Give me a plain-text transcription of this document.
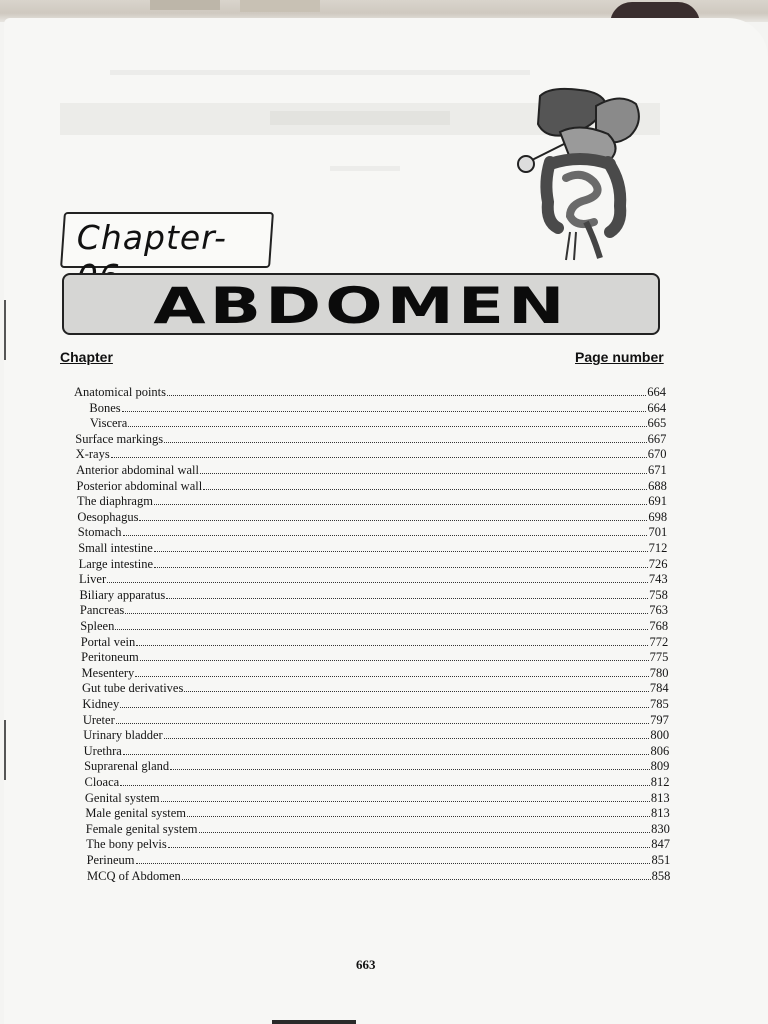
Chapter-06
ABDOMEN
Chapter	Page number
Anatomical points	664
Bones	664
Viscera	665
Surface markings	667
X-rays	670
Anterior abdominal wall	671
Posterior abdominal wall	688
The diaphragm	691
Oesophagus	698
Stomach	701
Small intestine	712
Large intestine	726
Liver	743
Biliary apparatus	758
Pancreas	763
Spleen	768
Portal vein	772
Peritoneum	775
Mesentery	780
Gut tube derivatives	784
Kidney	785
Ureter	797
Urinary bladder	800
Urethra	806
Suprarenal gland	809
Cloaca	812
Genital system	813
Male genital system	813
Female genital system	830
The bony pelvis	847
Perineum	851
MCQ of Abdomen	858
663
